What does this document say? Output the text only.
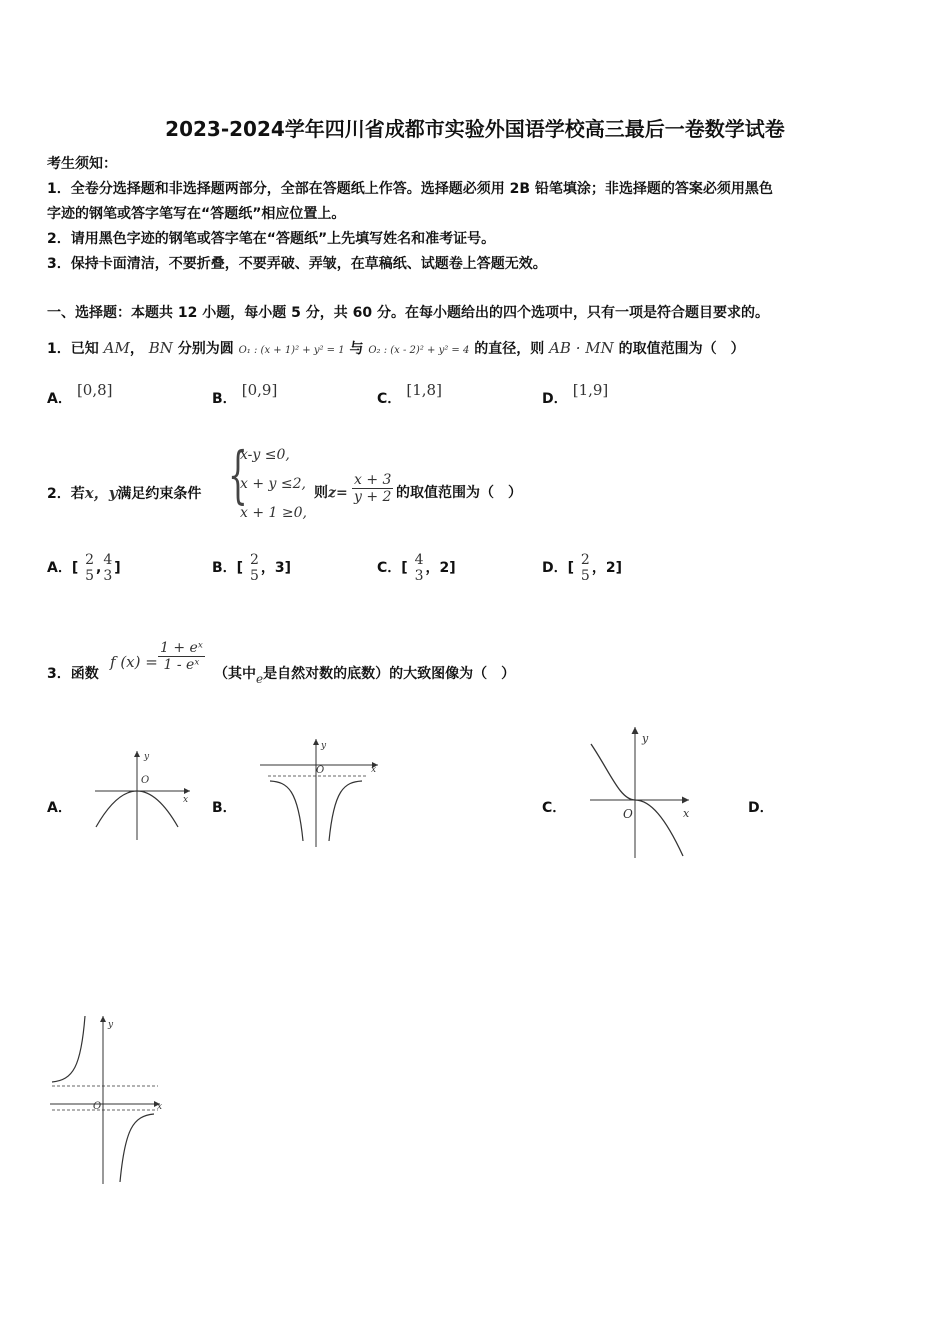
2023-2024学年四川省成都市实验外国语学校高三最后一卷数学试卷
考生须知：
1．全卷分选择题和非选择题两部分，全部在答题纸上作答。选择题必须用 2B 铅笔填涂；非选择题的答案必须用黑色
字迹的钢笔或答字笔写在“答题纸”相应位置上。
2．请用黑色字迹的钢笔或答字笔在“答题纸”上先填写姓名和准考证号。
3．保持卡面清洁，不要折叠，不要弄破、弄皱，在草稿纸、试题卷上答题无效。
一、选择题：本题共 12 小题，每小题 5 分，共 60 分。在每小题给出的四个选项中，只有一项是符合题目要求的。
1．已知 AM， BN 分别为圆 O₁ : (x + 1)² + y² = 1 与 O₂ : (x - 2)² + y² = 4 的直径，则 AB · MN 的取值范围为（　）
A． [0,8]	B． [0,9]	C． [1,8]	D． [1,9]
2．若x，y满足约束条件 {
x-y ≤0,
x + y ≤2,
x + 1 ≥0,
则$z= \frac{x + 3}{y + 2}$ 的取值范围为（　）
A．[ 2
5 , 4
3 ]	B．[ 2
5 ，3]	C．[ 4
3 ，2]	D．[ 2
5 ，2]
3．函数
f $(x) = \frac{\text{1 + eˣ}}{\text{1 - eˣ}}$
（其中e是自然对数的底数）的大致图像为（　）
A．	B．	C．	D．
y
O
x
y
O	x
y
O	x
y
O	x
